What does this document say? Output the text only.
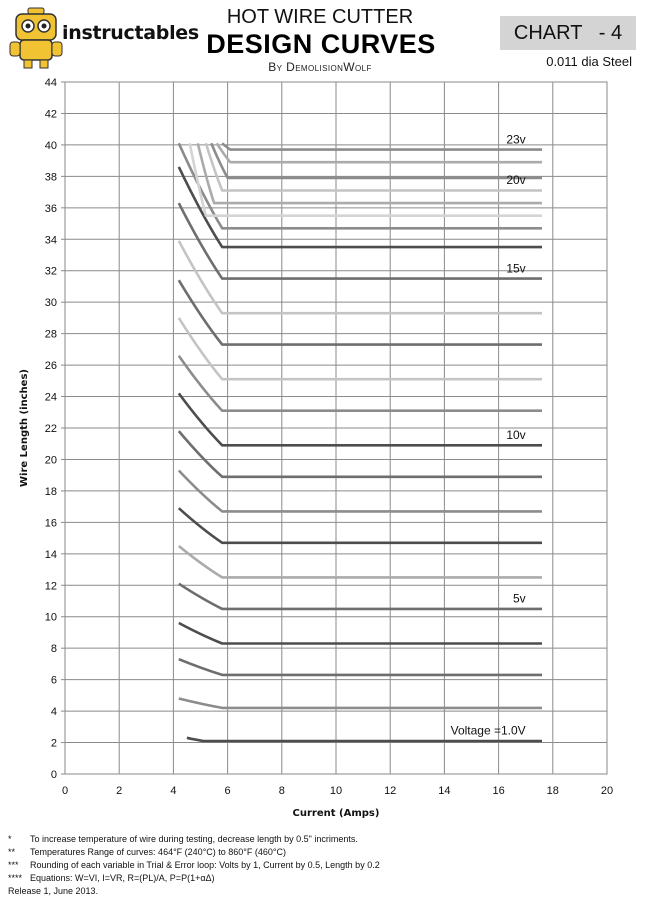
instructables
HOT WIRE CUTTER
DESIGN CURVES
By DemolisionWolf
CHART   - 4
0.011 dia Steel
0
2
4
6
8
10
12
14
16
18
20
22
24
26
28
30
32
34
36
38
40
42
44
0	2	4	6	8	10	12	14	16	18	20
Current (Amps)
Wire Length (inches)
Voltage =1.0V
5v
10v
15v
20v
23v
* To increase temperature of wire during testing, decrease length by 0.5" incriments.
** Temperatures Range of curves: 464°F (240°C) to 860°F (460°C)
*** Rounding of each variable in Trial & Error loop: Volts by 1, Current by 0.5, Length by 0.2
**** Equations: W=VI, I=VR, R=(PL)/A, P=P(1+αΔ)
Release 1, June 2013.
